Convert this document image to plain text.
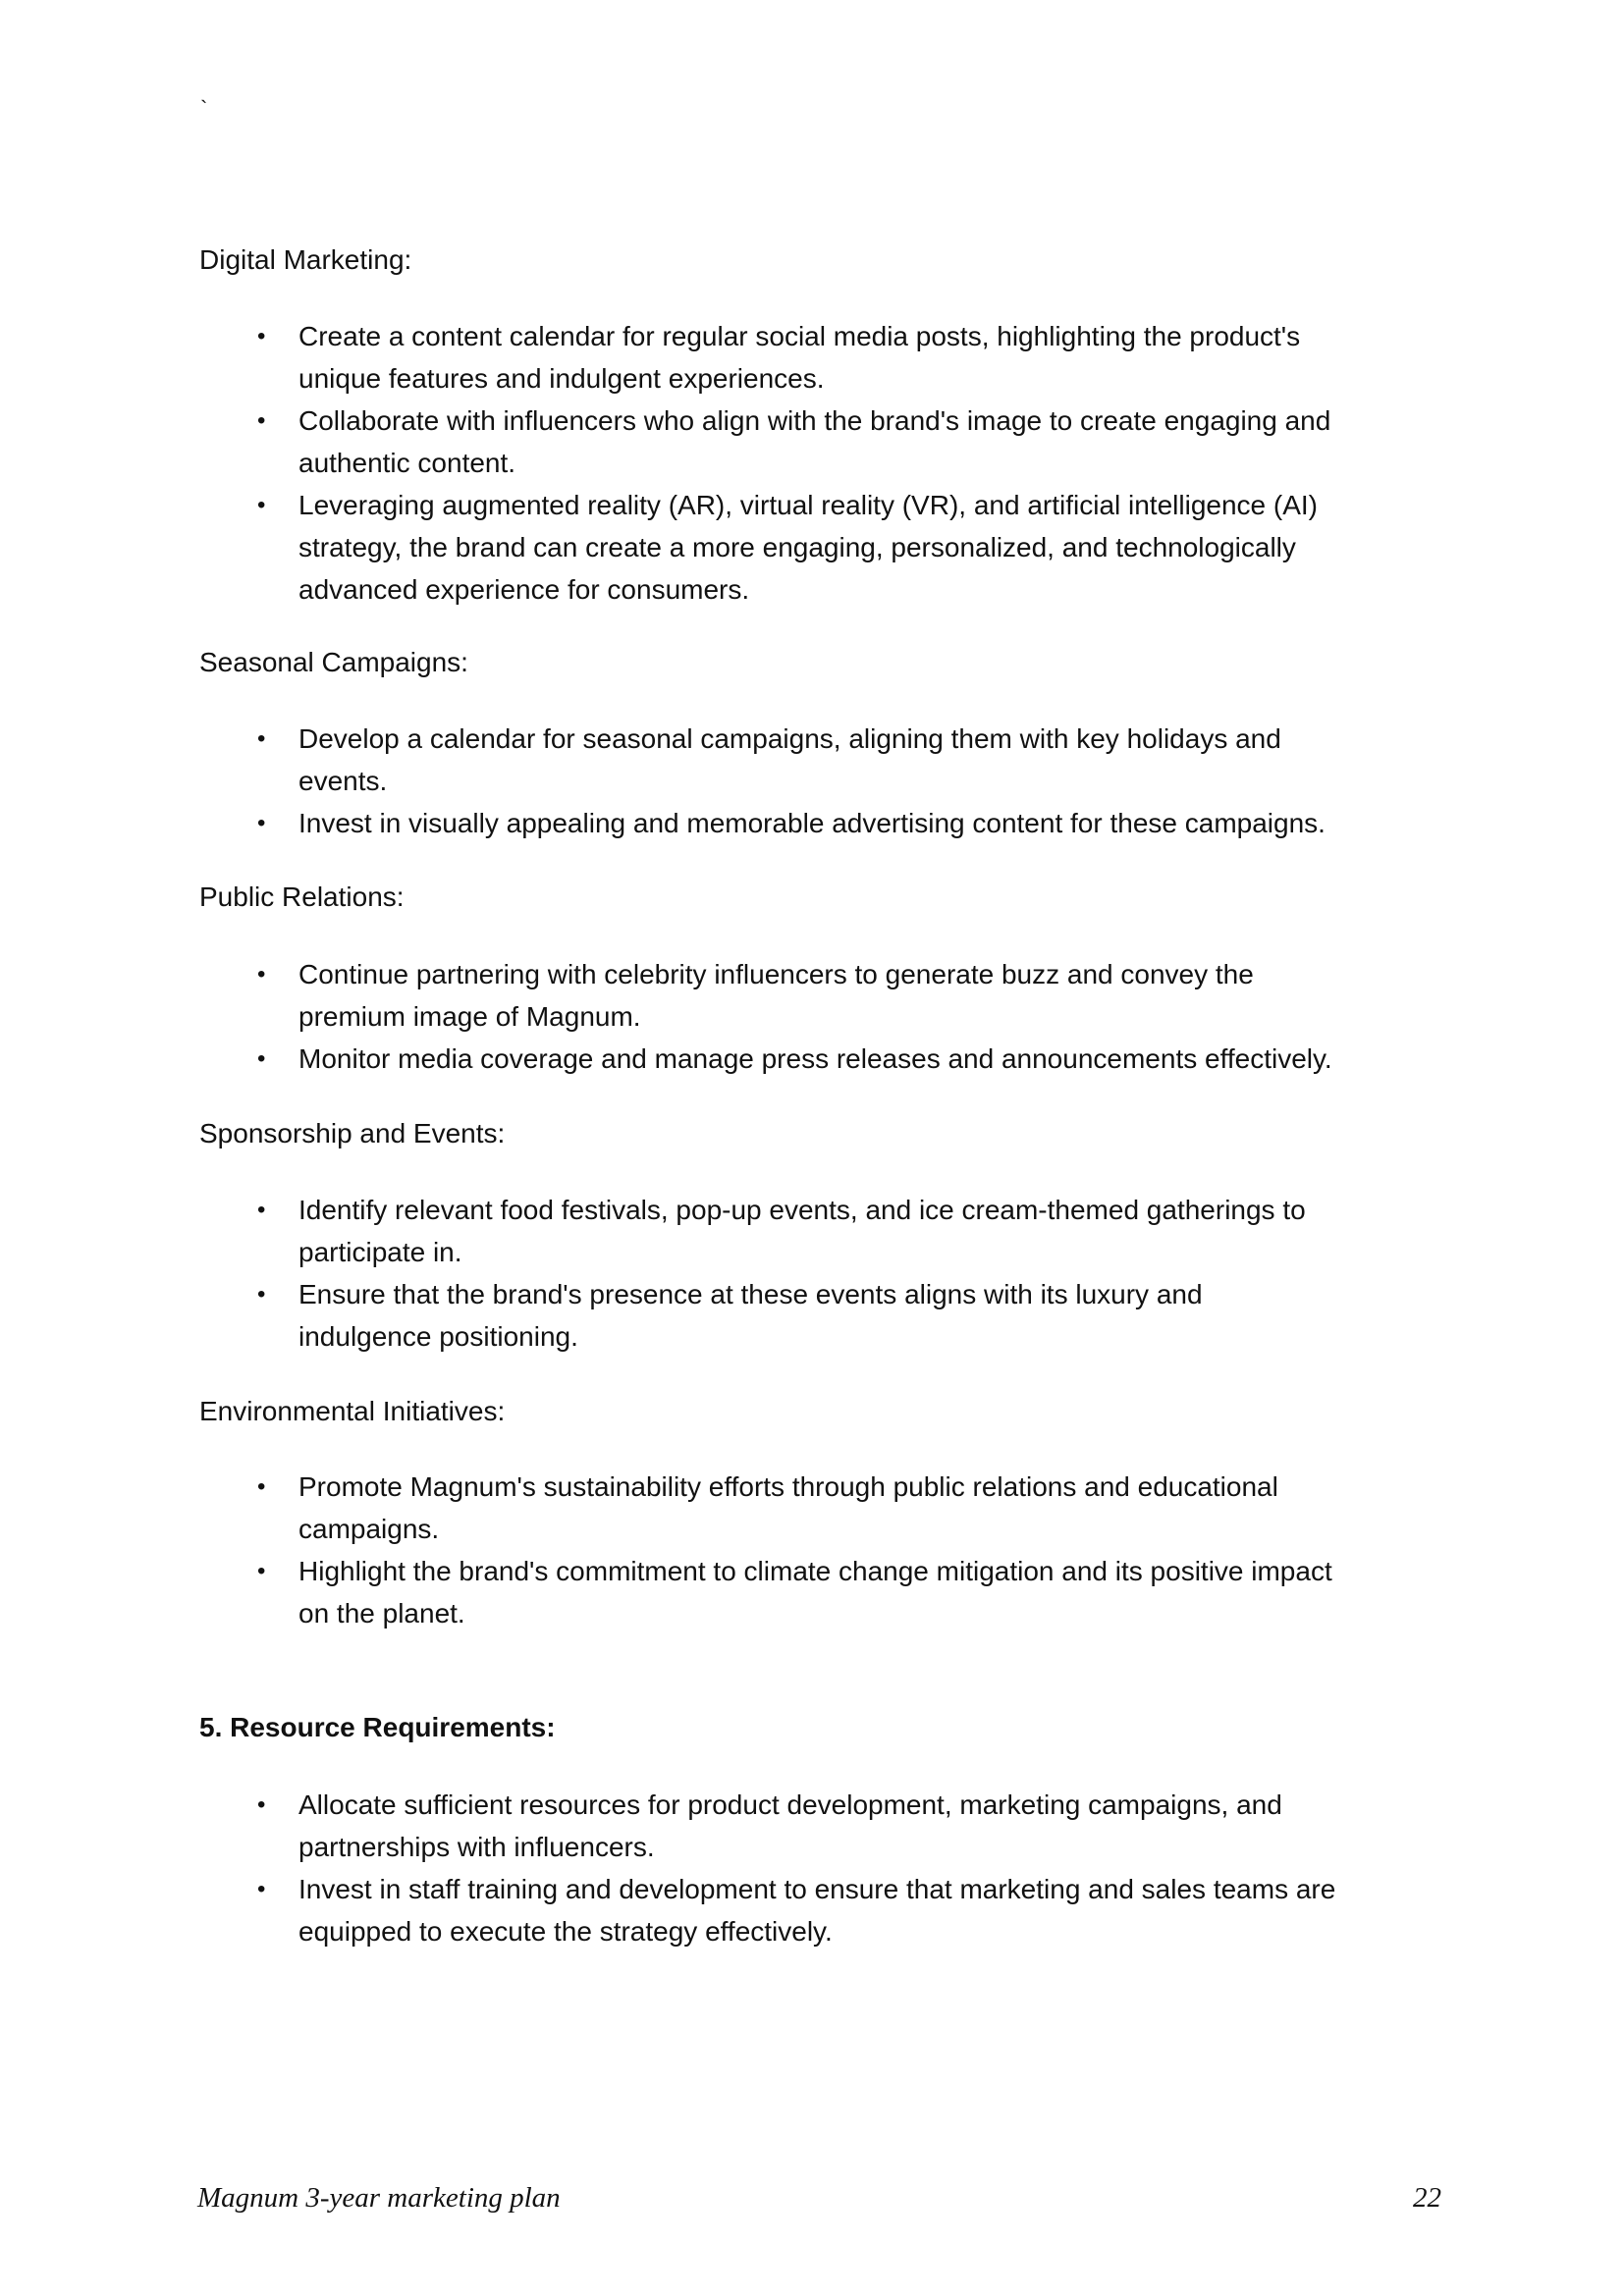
`
Digital Marketing:
• Create a content calendar for regular social media posts, highlighting the product's
unique features and indulgent experiences.
• Collaborate with influencers who align with the brand's image to create engaging and
authentic content.
• Leveraging augmented reality (AR), virtual reality (VR), and artificial intelligence (AI)
strategy, the brand can create a more engaging, personalized, and technologically
advanced experience for consumers.
Seasonal Campaigns:
• Develop a calendar for seasonal campaigns, aligning them with key holidays and
events.
• Invest in visually appealing and memorable advertising content for these campaigns.
Public Relations:
• Continue partnering with celebrity influencers to generate buzz and convey the
premium image of Magnum.
• Monitor media coverage and manage press releases and announcements effectively.
Sponsorship and Events:
• Identify relevant food festivals, pop-up events, and ice cream-themed gatherings to
participate in.
• Ensure that the brand's presence at these events aligns with its luxury and
indulgence positioning.
Environmental Initiatives:
• Promote Magnum's sustainability efforts through public relations and educational
campaigns.
• Highlight the brand's commitment to climate change mitigation and its positive impact
on the planet.
5. Resource Requirements:
• Allocate sufficient resources for product development, marketing campaigns, and
partnerships with influencers.
• Invest in staff training and development to ensure that marketing and sales teams are
equipped to execute the strategy effectively.
Magnum 3-year marketing plan	22
